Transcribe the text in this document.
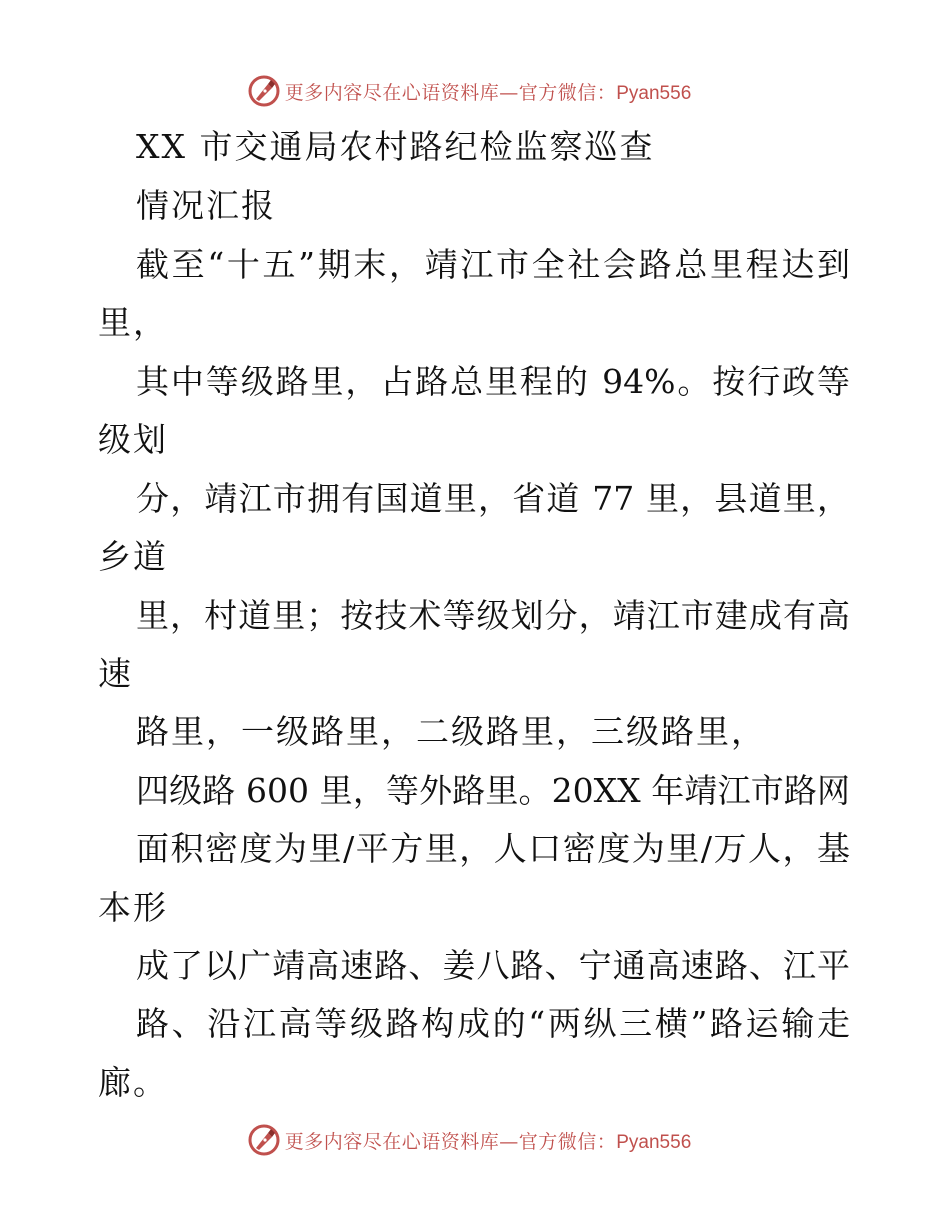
更多内容尽在心语资料库—官方微信：Pyan556
XX 市交通局农村路纪检监察巡查
情况汇报
截至“十五”期末，靖江市全社会路总里程达到
里，
其中等级路里，占路总里程的 94%。按行政等
级划
分，靖江市拥有国道里，省道 77 里，县道里，
乡道
里，村道里；按技术等级划分，靖江市建成有高
速
路里，一级路里，二级路里，三级路里，
四级路 600 里，等外路里。20XX 年靖江市路网
面积密度为里/平方里，人口密度为里/万人，基
本形
成了以广靖高速路、姜八路、宁通高速路、江平
路、沿江高等级路构成的“两纵三横”路运输走
廊。
更多内容尽在心语资料库—官方微信：Pyan556
